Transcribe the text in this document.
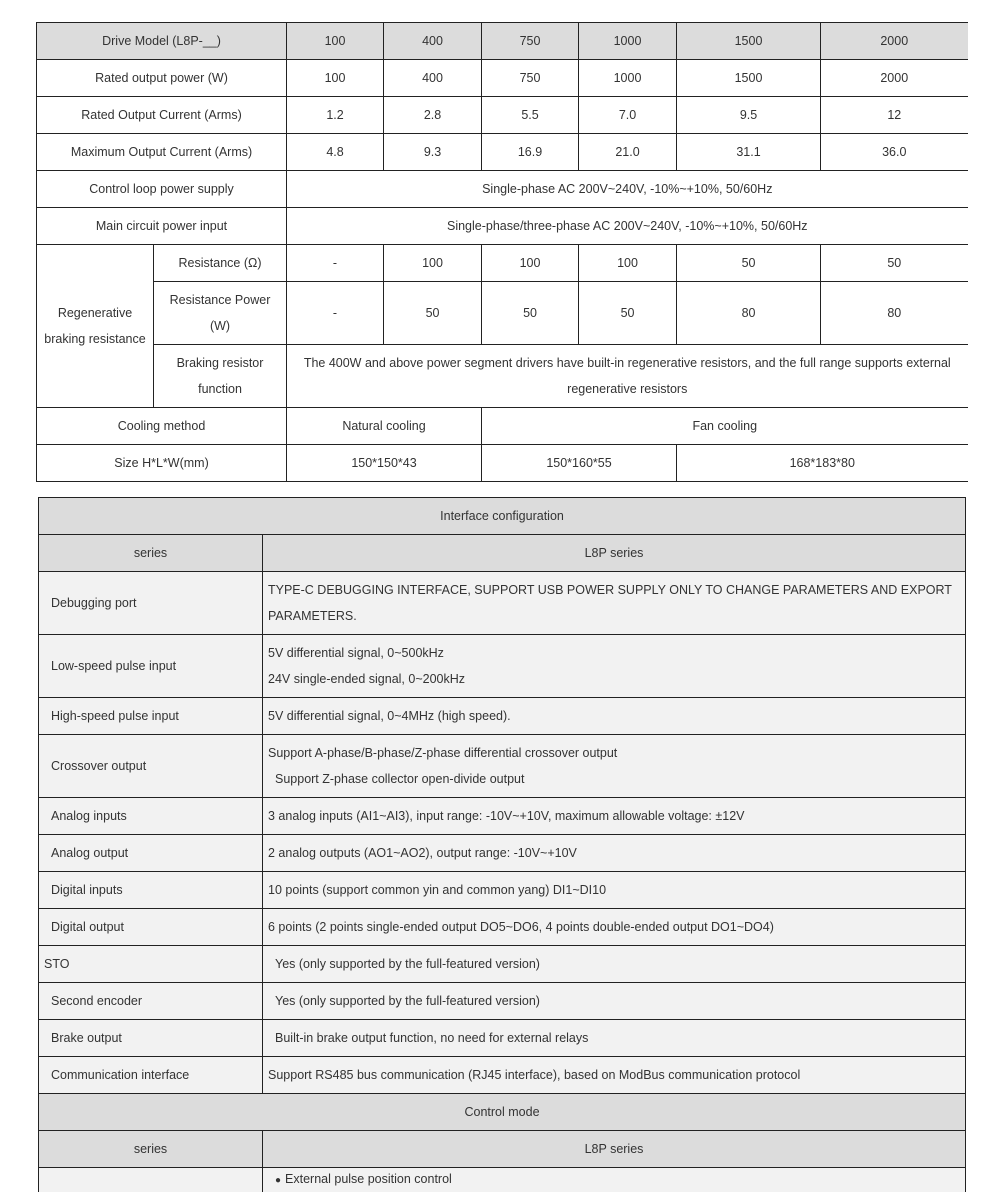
Drive Model (L8P-__)		100	400	750	1000	1500	2000
Rated output power (W)		100	400	750	1000	1500	2000
Rated Output Current (Arms)		1.2	2.8	5.5	7.0	9.5	12
Maximum Output Current (Arms)		4.8	9.3	16.9	21.0	31.1	36.0
Control loop power supply		Single-phase AC 200V~240V, -10%~+10%, 50/60Hz					
Main circuit power input		Single-phase/three-phase AC 200V~240V, -10%~+10%, 50/60Hz					
Regenerative braking resistance	Resistance (Ω)	-	100	100	100	50	50
	Resistance Power (W)	-	50	50	50	80	80
	Braking resistor function	The 400W and above power segment drivers have built-in regenerative resistors, and the full range supports external regenerative resistors					
Cooling method		Natural cooling		Fan cooling			
Size H*L*W(mm)		150*150*43		150*160*55		168*183*80	
Interface configuration	
series	L8P series
Debugging port	TYPE-C DEBUGGING INTERFACE, SUPPORT USB POWER SUPPLY ONLY TO CHANGE PARAMETERS AND EXPORT PARAMETERS.
Low-speed pulse input	5V differential signal, 0~500kHz
24V single-ended signal, 0~200kHz

High-speed pulse input	5V differential signal, 0~4MHz (high speed).
Crossover output	Support A-phase/B-phase/Z-phase differential crossover output
Support Z-phase collector open-divide output

Analog inputs	3 analog inputs (AI1~AI3), input range: -10V~+10V, maximum allowable voltage: ±12V
Analog output	2 analog outputs (AO1~AO2), output range: -10V~+10V
Digital inputs	10 points (support common yin and common yang) DI1~DI10
Digital output	6 points (2 points single-ended output DO5~DO6, 4 points double-ended output DO1~DO4)
STO	Yes (only supported by the full-featured version)
Second encoder	Yes (only supported by the full-featured version)
Brake output	Built-in brake output function, no need for external relays
Communication interface	Support RS485 bus communication (RJ45 interface), based on ModBus communication protocol
Control mode	
series	L8P series
	● External pulse position control
